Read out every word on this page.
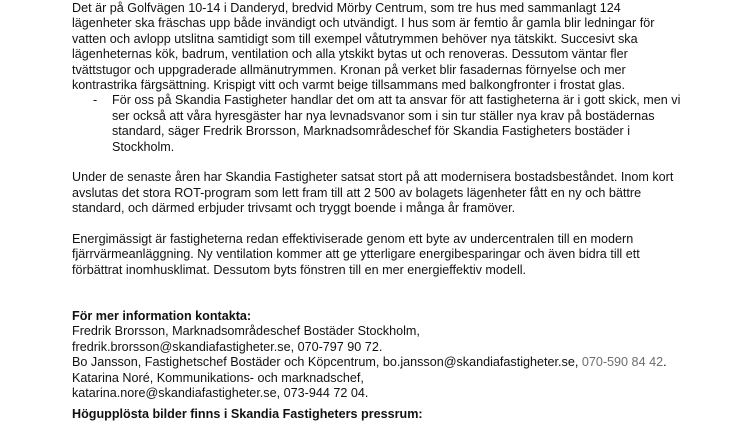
Det är på Golfvägen 10-14 i Danderyd, bredvid Mörby Centrum, som tre hus med sammanlagt 124 lägenheter ska fräschas upp både invändigt och utvändigt. I hus som är femtio år gamla blir ledningar för vatten och avlopp utslitna samtidigt som till exempel våtutrymmen behöver nya tätskikt. Succesivt ska lägenheternas kök, badrum, ventilation och alla ytskikt bytas ut och renoveras. Dessutom väntar fler tvättstugor och uppgraderade allmänutrymmen. Kronan på verket blir fasadernas förnyelse och mer kontrastrika färgsättning. Krispigt vitt och varmt beige tillsammans med balkongfronter i frostat glas.

- För oss på Skandia Fastigheter handlar det om att ta ansvar för att fastigheterna är i gott skick, men vi ser också att våra hyresgäster har nya levnadsvanor som i sin tur ställer nya krav på bostädernas standard, säger Fredrik Brorsson, Marknadsområdeschef för Skandia Fastigheters bostäder i Stockholm.

Under de senaste åren har Skandia Fastigheter satsat stort på att modernisera bostadsbeståndet. Inom kort avslutas det stora ROT-program som lett fram till att 2 500 av bolagets lägenheter fått en ny och bättre standard, och därmed erbjuder trivsamt och tryggt boende i många år framöver.

Energimässigt är fastigheterna redan effektiviserade genom ett byte av undercentralen till en modern fjärrvärmeanläggning. Ny ventilation kommer att ge ytterligare energibesparingar och även bidra till ett förbättrat inomhusklimat. Dessutom byts fönstren till en mer energieffektiv modell.

För mer information kontakta:

Fredrik Brorsson, Marknadsområdeschef Bostäder Stockholm,
fredrik.brorsson@skandiafastigheter.se, 070-797 90 72.
Bo Jansson, Fastighetschef Bostäder och Köpcentrum, bo.jansson@skandiafastigheter.se, 070-590 84 42.
Katarina Noré, Kommunikations- och marknadschef,
katarina.nore@skandiafastigheter.se, 073-944 72 04.
Högupplösta bilder finns i Skandia Fastigheters pressrum:
